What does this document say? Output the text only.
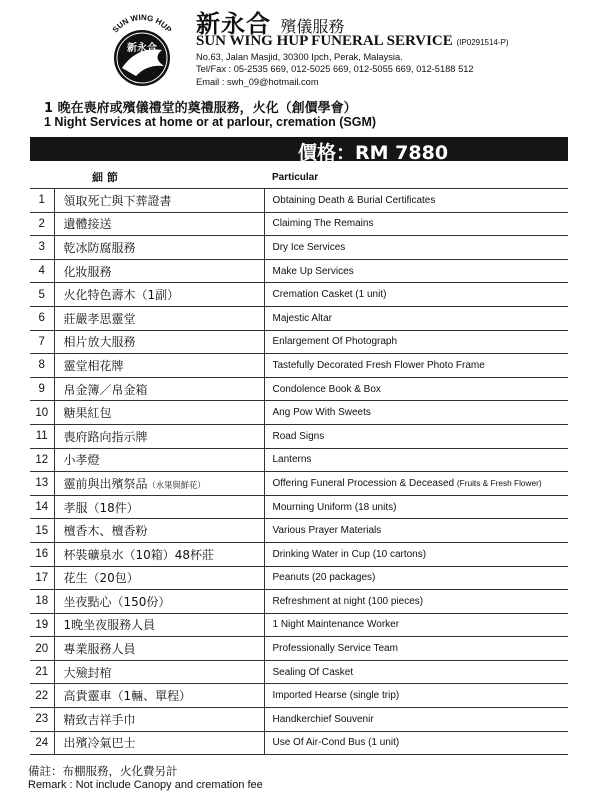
SUN WING HUP
新永合
新永合 殯儀服務
SUN WING HUP FUNERAL SERVICE (IP0291514-P)
No.63, Jalan Masjid, 30300 Ipch, Perak, Malaysia.
Tel/Fax : 05-2535 669, 012-5025 669, 012-5055 669, 012-5188 512
Email : swh_09@hotmail.com
1 晚在喪府或殯儀禮堂的奠禮服務，火化（創價學會）
1 Night Services at home or at parlour, cremation (SGM)
價格：RM 7880
	細 節	Particular
1	領取死亡與下葬證書	Obtaining Death & Burial Certificates
2	遺體接送	Claiming The Remains
3	乾冰防腐服務	Dry Ice Services
4	化妝服務	Make Up Services
5	火化特色壽木（1副）	Cremation Casket (1 unit)
6	莊嚴孝思靈堂	Majestic Altar
7	相片放大服務	Enlargement Of Photograph
8	靈堂相花牌	Tastefully Decorated Fresh Flower Photo Frame
9	帛金簿／帛金箱	Condolence Book & Box
10	糖果紅包	Ang Pow With Sweets
11	喪府路向指示牌	Road Signs
12	小孝燈	Lanterns
13	靈前與出殯祭品（水果與鮮花）	Offering Funeral Procession & Deceased (Fruits & Fresh Flower)
14	孝服（18件）	Mourning Uniform (18 units)
15	檀香木、檀香粉	Various Prayer Materials
16	杯裝礦泉水（10箱）48杯莊	Drinking Water in Cup (10 cartons)
17	花生（20包）	Peanuts (20 packages)
18	坐夜點心（150份）	Refreshment at night (100 pieces)
19	1晚坐夜服務人員	1 Night Maintenance Worker
20	專業服務人員	Professionally Service Team
21	大殮封棺	Sealing Of Casket
22	高貴靈車（1輛、單程）	Imported Hearse (single trip)
23	精致吉祥手巾	Handkerchief Souvenir
24	出殯冷氣巴士	Use Of Air-Cond Bus (1 unit)
備註：布棚服務，火化費另計
Remark : Not include Canopy and cremation fee
